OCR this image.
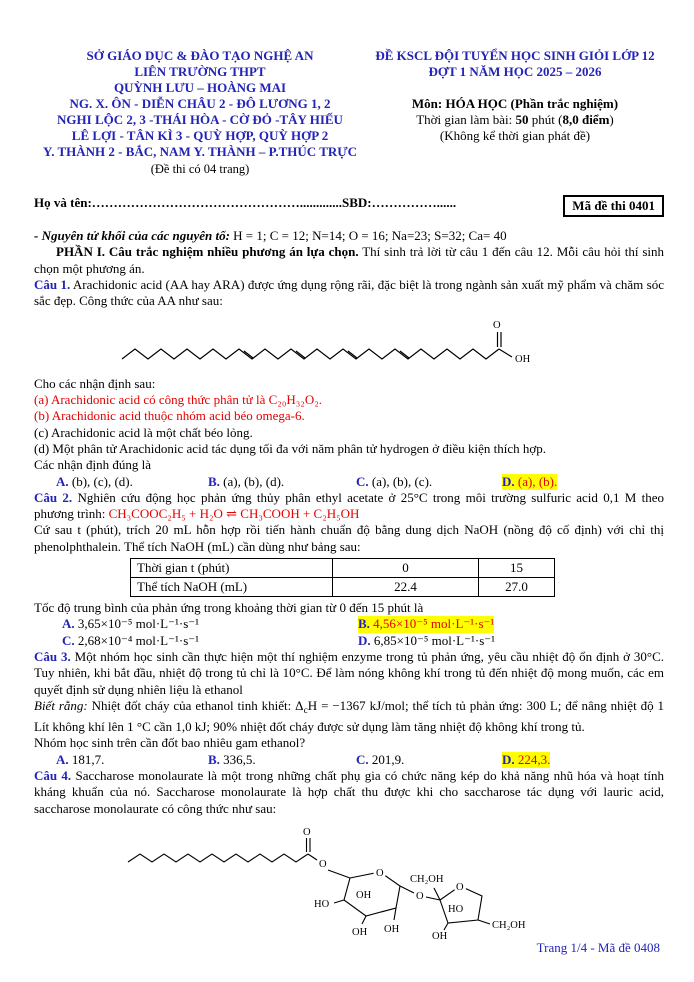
SỞ GIÁO DỤC & ĐÀO TẠO NGHỆ AN
LIÊN TRƯỜNG THPT
QUỲNH LƯU – HOÀNG MAI
NG. X. ÔN - DIỄN CHÂU 2 - ĐÔ LƯƠNG 1, 2
NGHI LỘC 2, 3 -THÁI HÒA - CỜ ĐỎ -TÂY HIẾU
LÊ LỢI - TÂN KÌ 3 - QUỲ HỢP, QUỲ HỢP 2
Y. THÀNH 2 - BẮC, NAM Y. THÀNH – P.THÚC TRỰC
(Đề thi có 04 trang)
ĐỀ KSCL ĐỘI TUYỂN HỌC SINH GIỎI LỚP 12
ĐỢT 1 NĂM HỌC 2025 – 2026
Môn: HÓA HỌC (Phần trắc nghiệm)
Thời gian làm bài: 50 phút (8,0 điểm)
(Không kể thời gian phát đề)
Họ và tên:………………………………………….............SBD:……………......	Mã đề thi 0401

- Nguyên tử khối của các nguyên tố: H = 1; C = 12; N=14; O = 16; Na=23; S=32; Ca= 40

PHẦN I. Câu trắc nghiệm nhiều phương án lựa chọn. Thí sinh trả lời từ câu 1 đến câu 12. Mỗi câu hỏi thí sinh chọn một phương án.

Câu 1. Arachidonic acid (AA hay ARA) được ứng dụng rộng rãi, đặc biệt là trong ngành sản xuất mỹ phẩm và chăm sóc sắc đẹp. Công thức của AA như sau:

O
OH

Cho các nhận định sau:

(a) Arachidonic acid có công thức phân tử là C₂₀H₃₂O₂.

(b) Arachidonic acid thuộc nhóm acid béo omega-6.

(c) Arachidonic acid là một chất béo lỏng.

(d) Một phân tử Arachidonic acid tác dụng tối đa với năm phân tử hydrogen ở điều kiện thích hợp.

Các nhận định đúng là

A. (b), (c), (d).	B. (a), (b), (d).	C. (a), (b), (c).	D. (a), (b).

Câu 2. Nghiên cứu động học phản ứng thủy phân ethyl acetate ở 25°C trong môi trường sulfuric acid 0,1 M theo phương trình: CH₃COOC₂H₅ + H₂O ⇌ CH₃COOH + C₂H₅OH

Cứ sau t (phút), trích 20 mL hỗn hợp rồi tiến hành chuẩn độ bằng dung dịch NaOH (nồng độ cố định) với chỉ thị phenolphthalein. Thể tích NaOH (mL) cần dùng như bảng sau:

Thời gian t (phút)	0	15
Thể tích NaOH (mL)	22.4	27.0

Tốc độ trung bình của phản ứng trong khoảng thời gian từ 0 đến 15 phút là

A. 3,65×10⁻⁵ mol·L⁻¹·s⁻¹	B. 4,56×10⁻⁵ mol·L⁻¹·s⁻¹
C. 2,68×10⁻⁴ mol·L⁻¹·s⁻¹	D. 6,85×10⁻⁵ mol·L⁻¹·s⁻¹

Câu 3. Một nhóm học sinh cần thực hiện một thí nghiệm enzyme trong tủ phản ứng, yêu cầu nhiệt độ ổn định ở 30°C. Tuy nhiên, khi bắt đầu, nhiệt độ trong tủ chỉ là 10°C. Để làm nóng không khí trong tủ đến nhiệt độ mong muốn, các em quyết định sử dụng nhiên liệu là ethanol

Biết rằng: Nhiệt đốt cháy của ethanol tinh khiết: $\Delta_cH = -1367$ kJ/mol; thể tích tủ phản ứng: 300 L; để nâng nhiệt độ 1 Lít không khí lên 1 °C cần 1,0 kJ; 90% nhiệt đốt cháy được sử dụng làm tăng nhiệt độ không khí trong tủ.

Nhóm học sinh trên cần đốt bao nhiêu gam ethanol?

A. 181,7.	B. 336,5.	C. 201,9.	D. 224,3.

Câu 4. Saccharose monolaurate là một trong những chất phụ gia có chức năng kép do khả năng nhũ hóa và hoạt tính kháng khuẩn của nó. Saccharose monolaurate là hợp chất thu được khi cho saccharose tác dụng với lauric acid, saccharose monolaurate có công thức như sau:

O
O
O
OH
HO
OH OH
O
O
CH₂OH
HO
CH₂OH
OH
Trang 1/4 - Mã đề 0408
